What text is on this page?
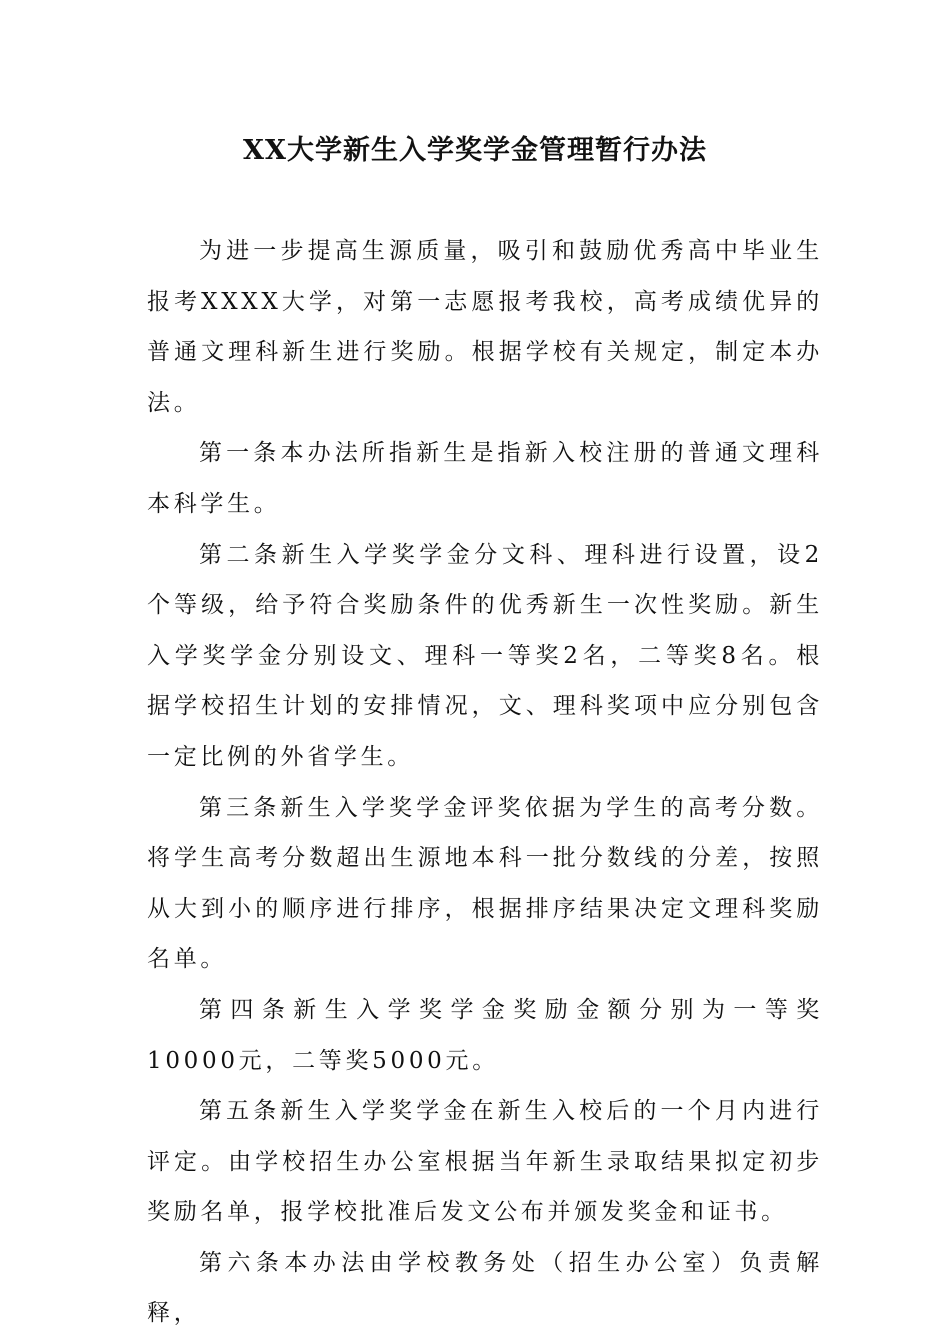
XX大学新生入学奖学金管理暂行办法

为进一步提高生源质量，吸引和鼓励优秀高中毕业生报考XXXX大学，对第一志愿报考我校，高考成绩优异的普通文理科新生进行奖励。根据学校有关规定，制定本办法。

第一条本办法所指新生是指新入校注册的普通文理科本科学生。

第二条新生入学奖学金分文科、理科进行设置，设2个等级，给予符合奖励条件的优秀新生一次性奖励。新生入学奖学金分别设文、理科一等奖2名，二等奖8名。根据学校招生计划的安排情况，文、理科奖项中应分别包含一定比例的外省学生。

第三条新生入学奖学金评奖依据为学生的高考分数。将学生高考分数超出生源地本科一批分数线的分差，按照从大到小的顺序进行排序，根据排序结果决定文理科奖励名单。

第四条新生入学奖学金奖励金额分别为一等奖10000元，二等奖5000元。

第五条新生入学奖学金在新生入校后的一个月内进行评定。由学校招生办公室根据当年新生录取结果拟定初步奖励名单，报学校批准后发文公布并颁发奖金和证书。

第六条本办法由学校教务处（招生办公室）负责解释，
